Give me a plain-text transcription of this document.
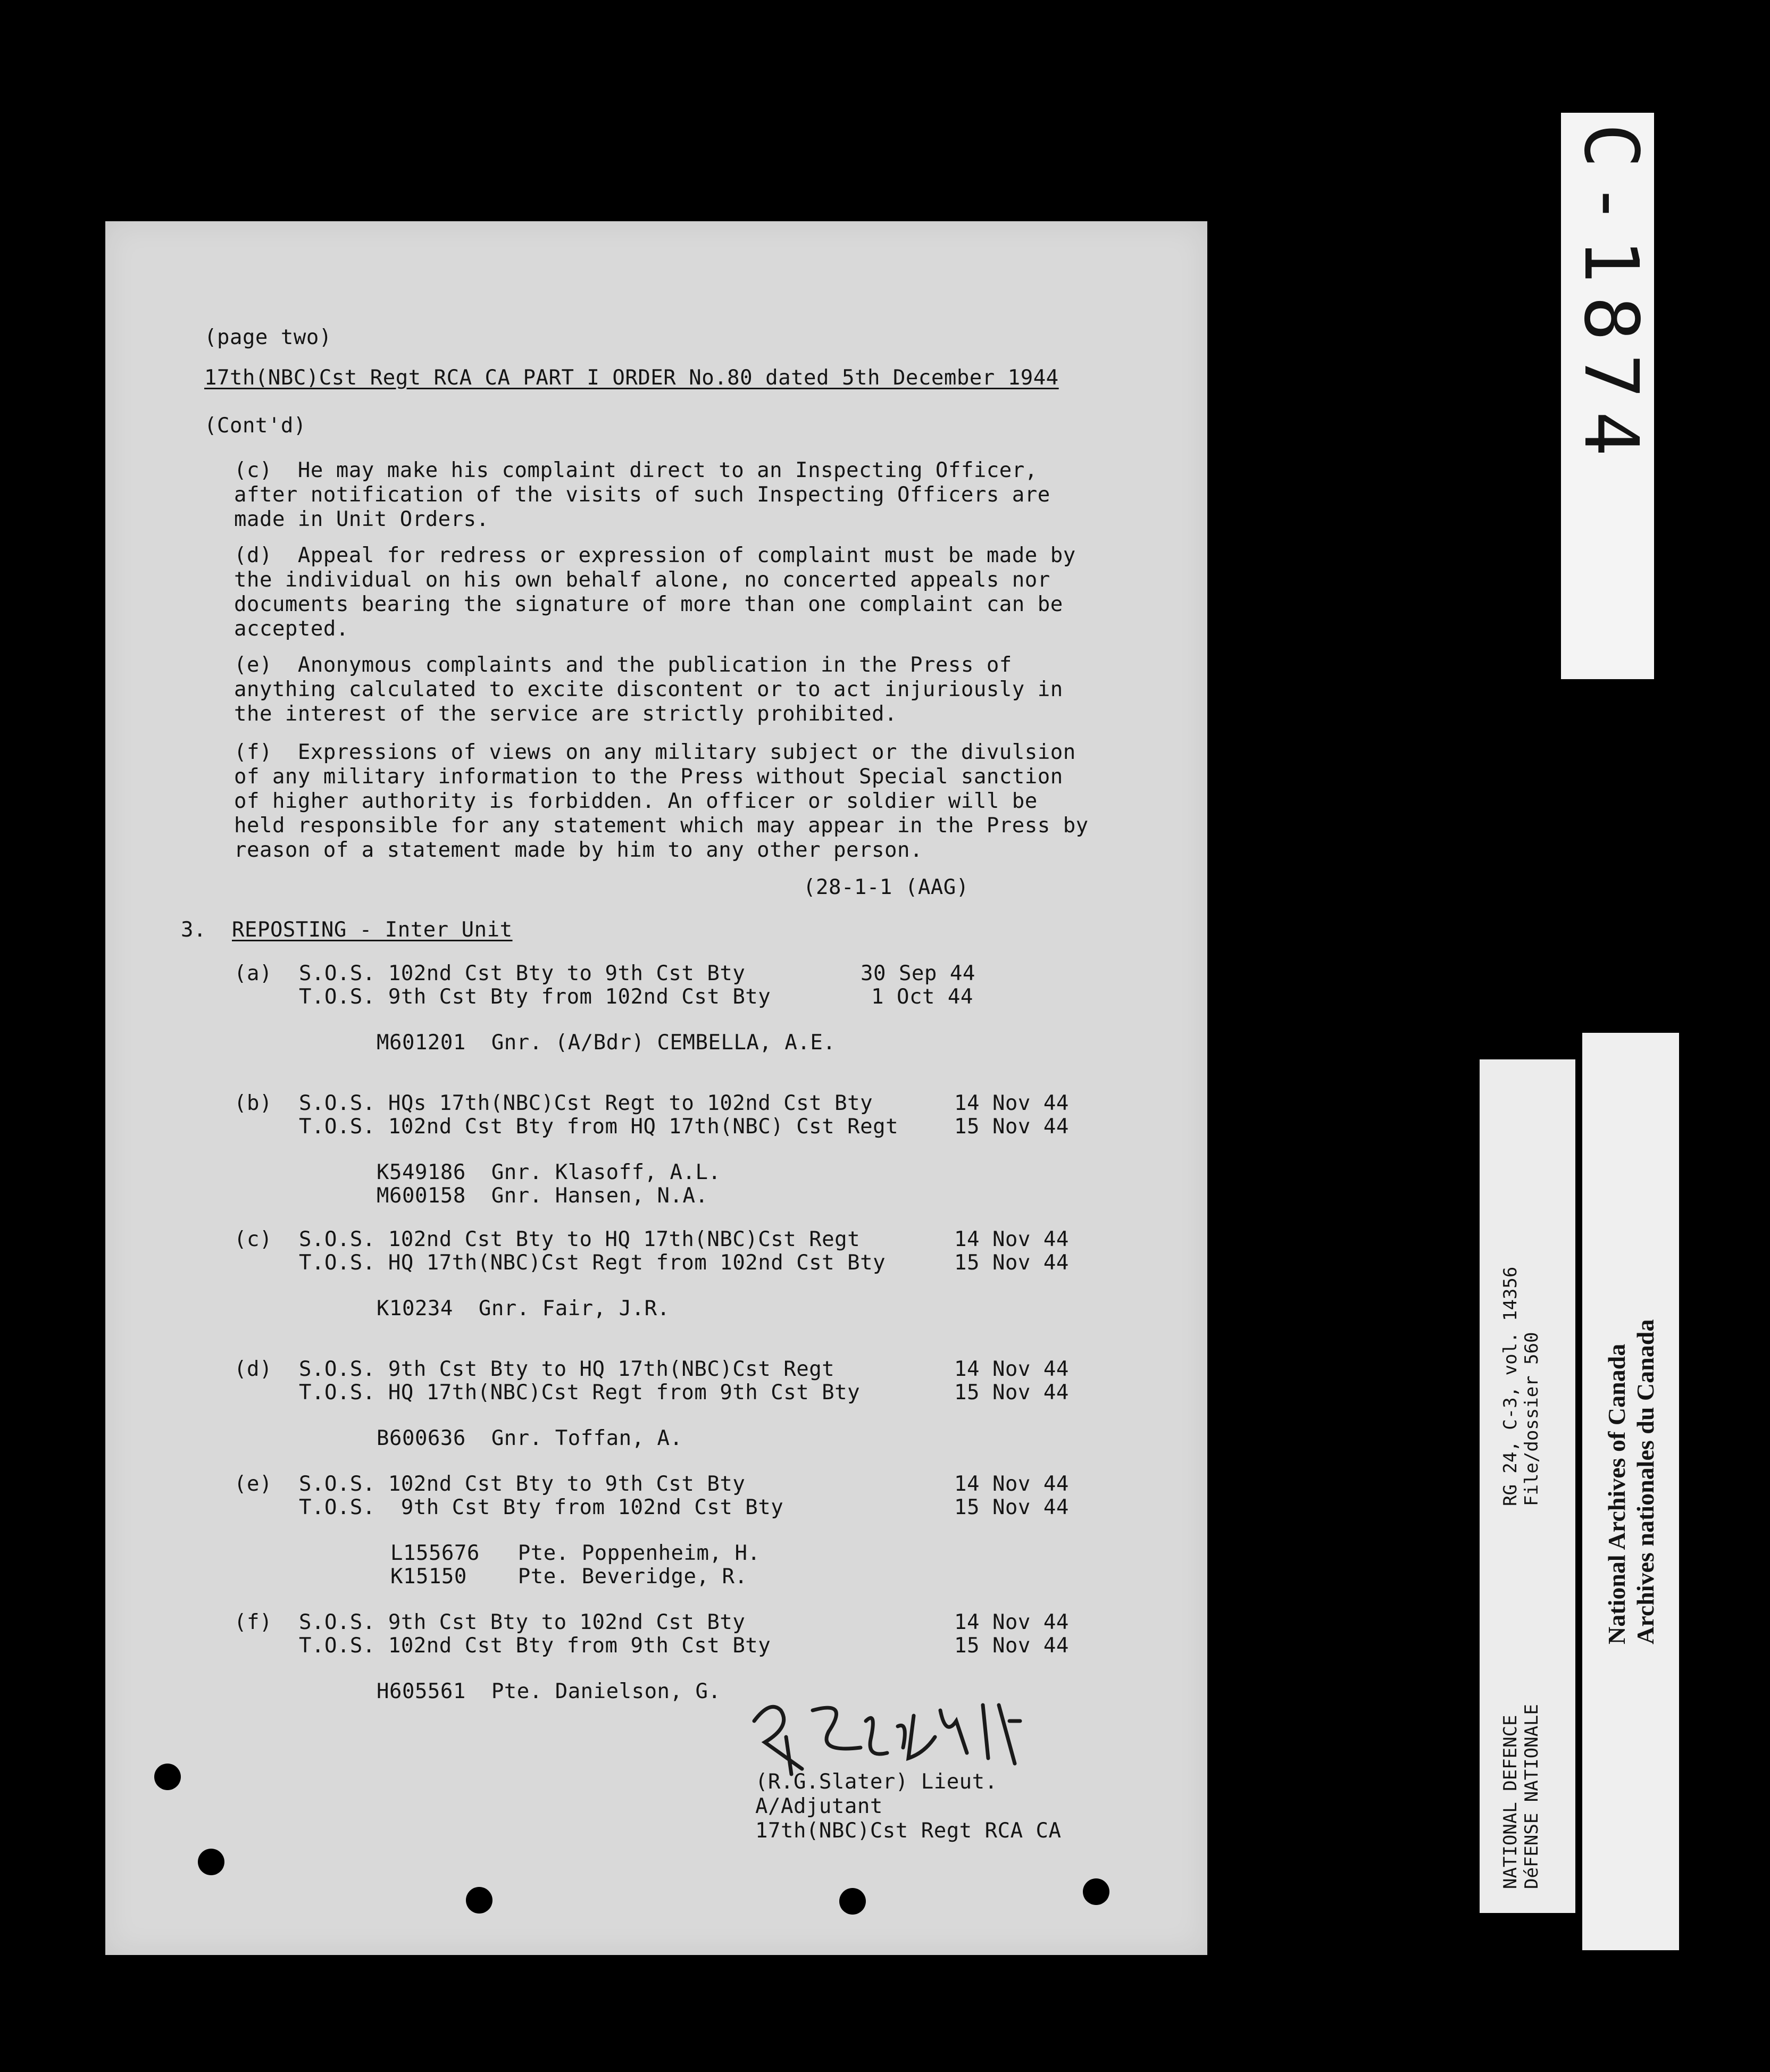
(page two)
17th(NBC)Cst Regt RCA CA PART I ORDER No.80 dated 5th December 1944
(Cont'd)
(c)  He may make his complaint direct to an Inspecting Officer,
after notification of the visits of such Inspecting Officers are
made in Unit Orders.
(d)  Appeal for redress or expression of complaint must be made by
the individual on his own behalf alone, no concerted appeals nor
documents bearing the signature of more than one complaint can be
accepted.
(e)  Anonymous complaints and the publication in the Press of
anything calculated to excite discontent or to act injuriously in
the interest of the service are strictly prohibited.
(f)  Expressions of views on any military subject or the divulsion
of any military information to the Press without Special sanction
of higher authority is forbidden. An officer or soldier will be
held responsible for any statement which may appear in the Press by
reason of a statement made by him to any other person.
(28-1-1 (AAG)
3. REPOSTING - Inter Unit
(a) S.O.S. 102nd Cst Bty to 9th Cst Bty	30 Sep 44
T.O.S. 9th Cst Bty from 102nd Cst Bty	1 Oct 44
M601201  Gnr. (A/Bdr) CEMBELLA, A.E.
(b) S.O.S. HQs 17th(NBC)Cst Regt to 102nd Cst Bty	14 Nov 44
T.O.S. 102nd Cst Bty from HQ 17th(NBC) Cst Regt	15 Nov 44
K549186  Gnr. Klasoff, A.L.
M600158  Gnr. Hansen, N.A.
(c) S.O.S. 102nd Cst Bty to HQ 17th(NBC)Cst Regt	14 Nov 44
T.O.S. HQ 17th(NBC)Cst Regt from 102nd Cst Bty	15 Nov 44
K10234  Gnr. Fair, J.R.
(d) S.O.S. 9th Cst Bty to HQ 17th(NBC)Cst Regt	14 Nov 44
T.O.S. HQ 17th(NBC)Cst Regt from 9th Cst Bty	15 Nov 44
B600636  Gnr. Toffan, A.
(e) S.O.S. 102nd Cst Bty to 9th Cst Bty	14 Nov 44
T.O.S.  9th Cst Bty from 102nd Cst Bty	15 Nov 44
L155676   Pte. Poppenheim, H.
K15150    Pte. Beveridge, R.
(f) S.O.S. 9th Cst Bty to 102nd Cst Bty	14 Nov 44
T.O.S. 102nd Cst Bty from 9th Cst Bty	15 Nov 44
H605561  Pte. Danielson, G.
(R.G.Slater) Lieut.
A/Adjutant
17th(NBC)Cst Regt RCA CA
C-1874
NATIONAL DEFENCE DéFENSE NATIONALE
RG 24, C-3, vol. 14356 File/dossier 560 National Archives of Canada Archives nationales du Canada
